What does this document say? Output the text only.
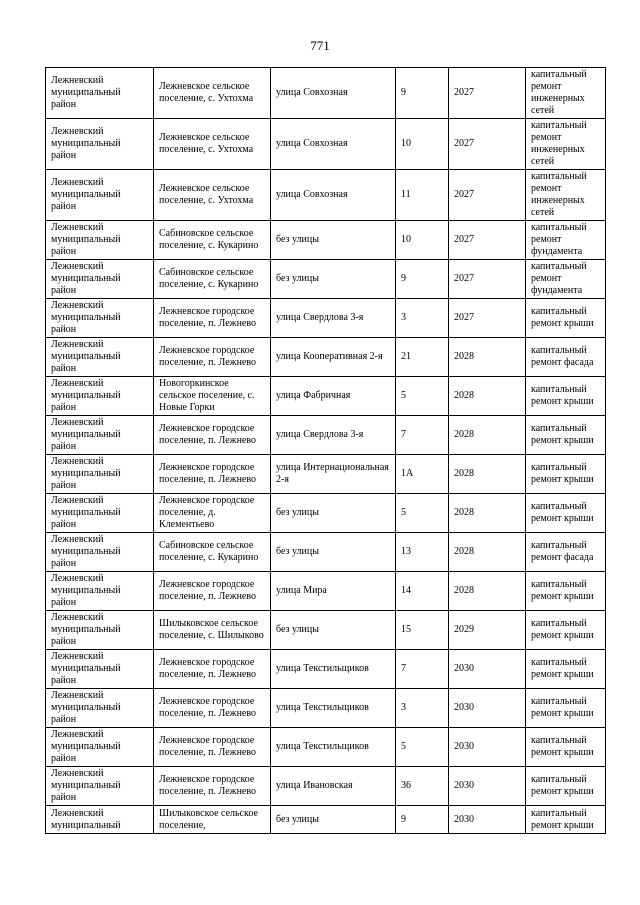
771
Лежневский муниципальный район	Лежневское сельское поселение, с. Ухтохма	улица Совхозная	9	2027	капитальный ремонт инженерных сетей
Лежневский муниципальный район	Лежневское сельское поселение, с. Ухтохма	улица Совхозная	10	2027	капитальный ремонт инженерных сетей
Лежневский муниципальный район	Лежневское сельское поселение, с. Ухтохма	улица Совхозная	11	2027	капитальный ремонт инженерных сетей
Лежневский муниципальный район	Сабиновское сельское поселение, с. Кукарино	без улицы	10	2027	капитальный ремонт фундамента
Лежневский муниципальный район	Сабиновское сельское поселение, с. Кукарино	без улицы	9	2027	капитальный ремонт фундамента
Лежневский муниципальный район	Лежневское городское поселение, п. Лежнево	улица Свердлова 3-я	3	2027	капитальный ремонт крыши
Лежневский муниципальный район	Лежневское городское поселение, п. Лежнево	улица Кооперативная 2-я	21	2028	капитальный ремонт фасада
Лежневский муниципальный район	Новогоркинское сельское поселение, с. Новые Горки	улица Фабричная	5	2028	капитальный ремонт крыши
Лежневский муниципальный район	Лежневское городское поселение, п. Лежнево	улица Свердлова 3-я	7	2028	капитальный ремонт крыши
Лежневский муниципальный район	Лежневское городское поселение, п. Лежнево	улица Интернациональная 2-я	1А	2028	капитальный ремонт крыши
Лежневский муниципальный район	Лежневское городское поселение, д. Клементьево	без улицы	5	2028	капитальный ремонт крыши
Лежневский муниципальный район	Сабиновское сельское поселение, с. Кукарино	без улицы	13	2028	капитальный ремонт фасада
Лежневский муниципальный район	Лежневское городское поселение, п. Лежнево	улица Мира	14	2028	капитальный ремонт крыши
Лежневский муниципальный район	Шилыковское сельское поселение, с. Шилыково	без улицы	15	2029	капитальный ремонт крыши
Лежневский муниципальный район	Лежневское городское поселение, п. Лежнево	улица Текстильщиков	7	2030	капитальный ремонт крыши
Лежневский муниципальный район	Лежневское городское поселение, п. Лежнево	улица Текстильщиков	3	2030	капитальный ремонт крыши
Лежневский муниципальный район	Лежневское городское поселение, п. Лежнево	улица Текстильщиков	5	2030	капитальный ремонт крыши
Лежневский муниципальный район	Лежневское городское поселение, п. Лежнево	улица Ивановская	36	2030	капитальный ремонт крыши
Лежневский муниципальный	Шилыковское сельское поселение,	без улицы	9	2030	капитальный ремонт крыши
